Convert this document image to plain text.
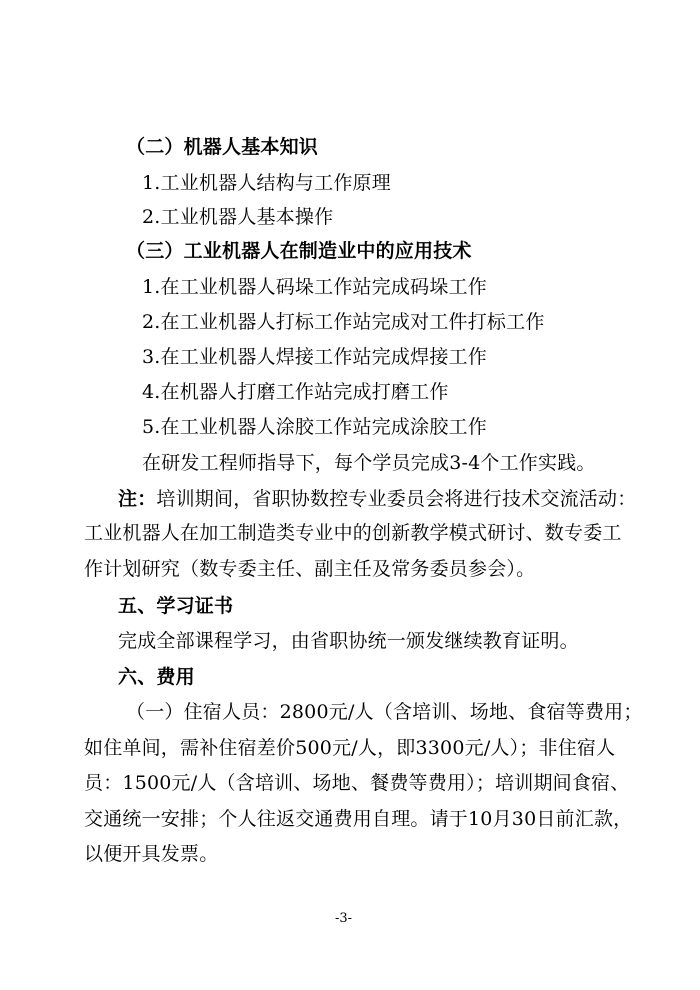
（二）机器人基本知识
1.工业机器人结构与工作原理
2.工业机器人基本操作
（三）工业机器人在制造业中的应用技术
1.在工业机器人码垛工作站完成码垛工作
2.在工业机器人打标工作站完成对工件打标工作
3.在工业机器人焊接工作站完成焊接工作
4.在机器人打磨工作站完成打磨工作
5.在工业机器人涂胶工作站完成涂胶工作
在研发工程师指导下，每个学员完成3-4个工作实践。
注：培训期间，省职协数控专业委员会将进行技术交流活动：
工业机器人在加工制造类专业中的创新教学模式研讨、数专委工
作计划研究（数专委主任、副主任及常务委员参会）。
五、学习证书
完成全部课程学习，由省职协统一颁发继续教育证明。
六、费用
（一）住宿人员：2800元/人（含培训、场地、食宿等费用；
如住单间，需补住宿差价500元/人，即3300元/人）；非住宿人
员：1500元/人（含培训、场地、餐费等费用）；培训期间食宿、
交通统一安排；个人往返交通费用自理。请于10月30日前汇款，
以便开具发票。
-3-
